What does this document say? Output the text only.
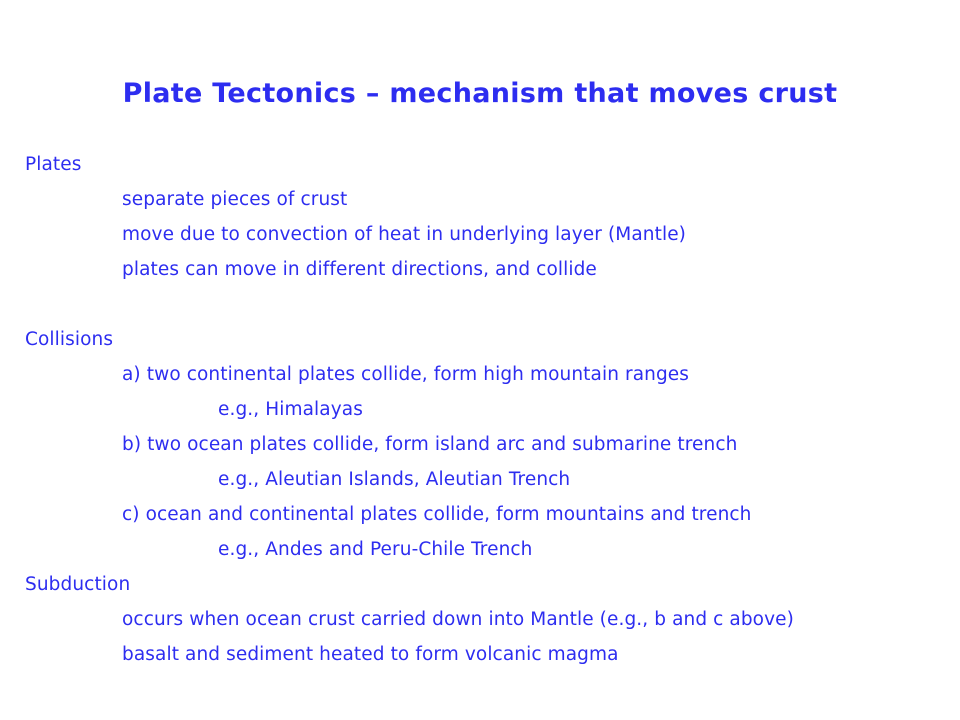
Plate Tectonics – mechanism that moves crust
Plates
separate pieces of crust
move due to convection of heat in underlying layer (Mantle)
plates can move in different directions, and collide
Collisions
a) two continental plates collide, form high mountain ranges
e.g., Himalayas
b) two ocean plates collide, form island arc and submarine trench
e.g., Aleutian Islands, Aleutian Trench
c) ocean and continental plates collide, form mountains and trench
e.g., Andes and Peru-Chile Trench
Subduction
occurs when ocean crust carried down into Mantle (e.g., b and c above)
basalt and sediment heated to form volcanic magma
